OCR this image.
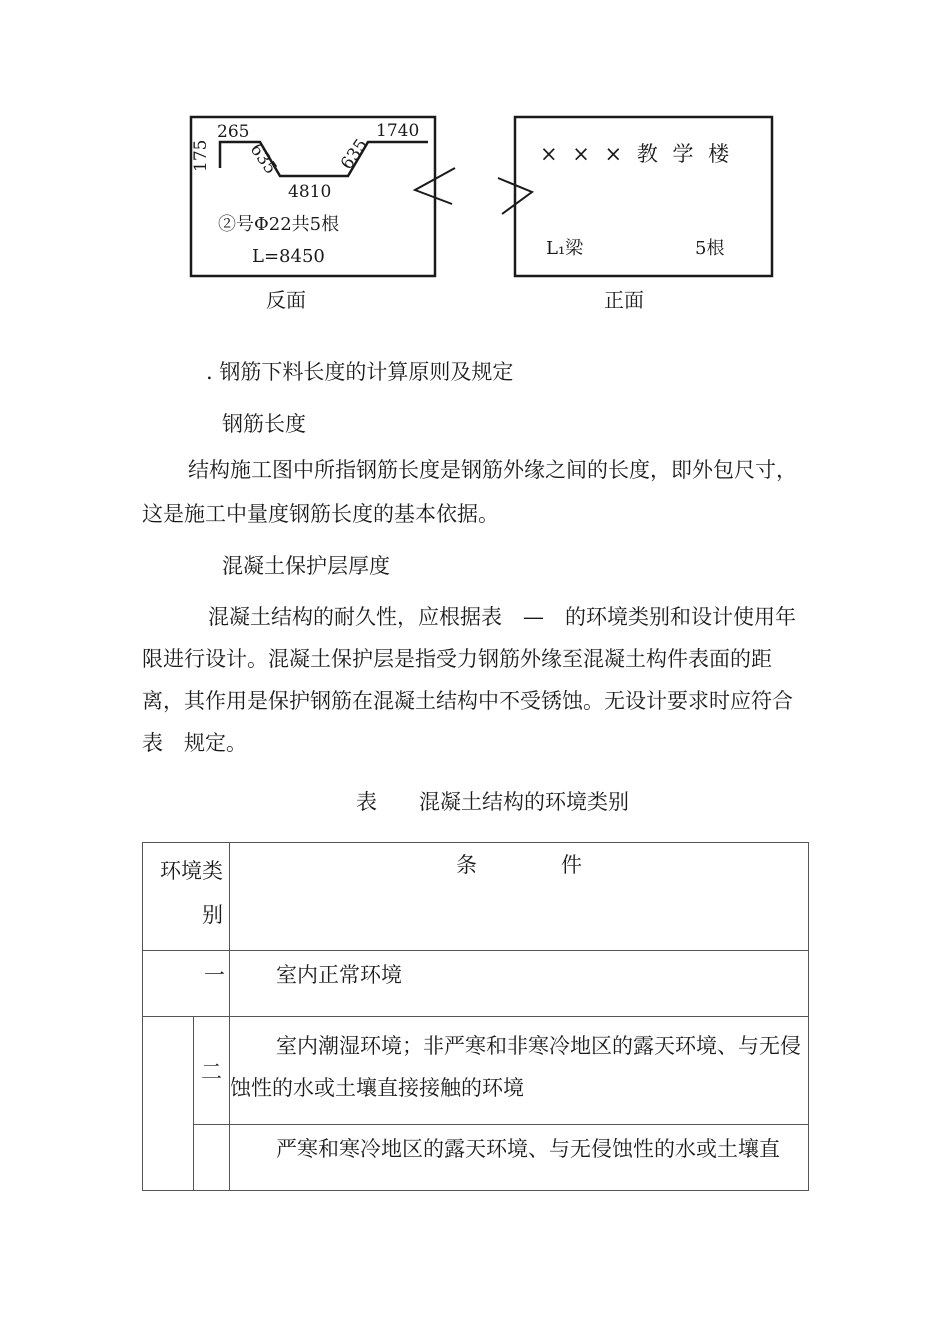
175
265
635	635
1740
4810
②号Φ22共5根
L=8450
反面
× × × 教 学 楼
L₁梁	5根
正面
. 钢筋下料长度的计算原则及规定
钢筋长度

结构施工图中所指钢筋长度是钢筋外缘之间的长度，即外包尺寸，这是施工中量度钢筋长度的基本依据。

混凝土保护层厚度

混凝土结构的耐久性，应根据表　—　的环境类别和设计使用年限进行设计。混凝土保护层是指受力钢筋外缘至混凝土构件表面的距离，其作用是保护钢筋在混凝土结构中不受锈蚀。无设计要求时应符合表　规定。

表　　混凝土结构的环境类别
环境类别		条　　　　件
一		室内正常环境
	二	室内潮湿环境；非严寒和非寒冷地区的露天环境、与无侵蚀性的水或土壤直接接触的环境
		严寒和寒冷地区的露天环境、与无侵蚀性的水或土壤直
